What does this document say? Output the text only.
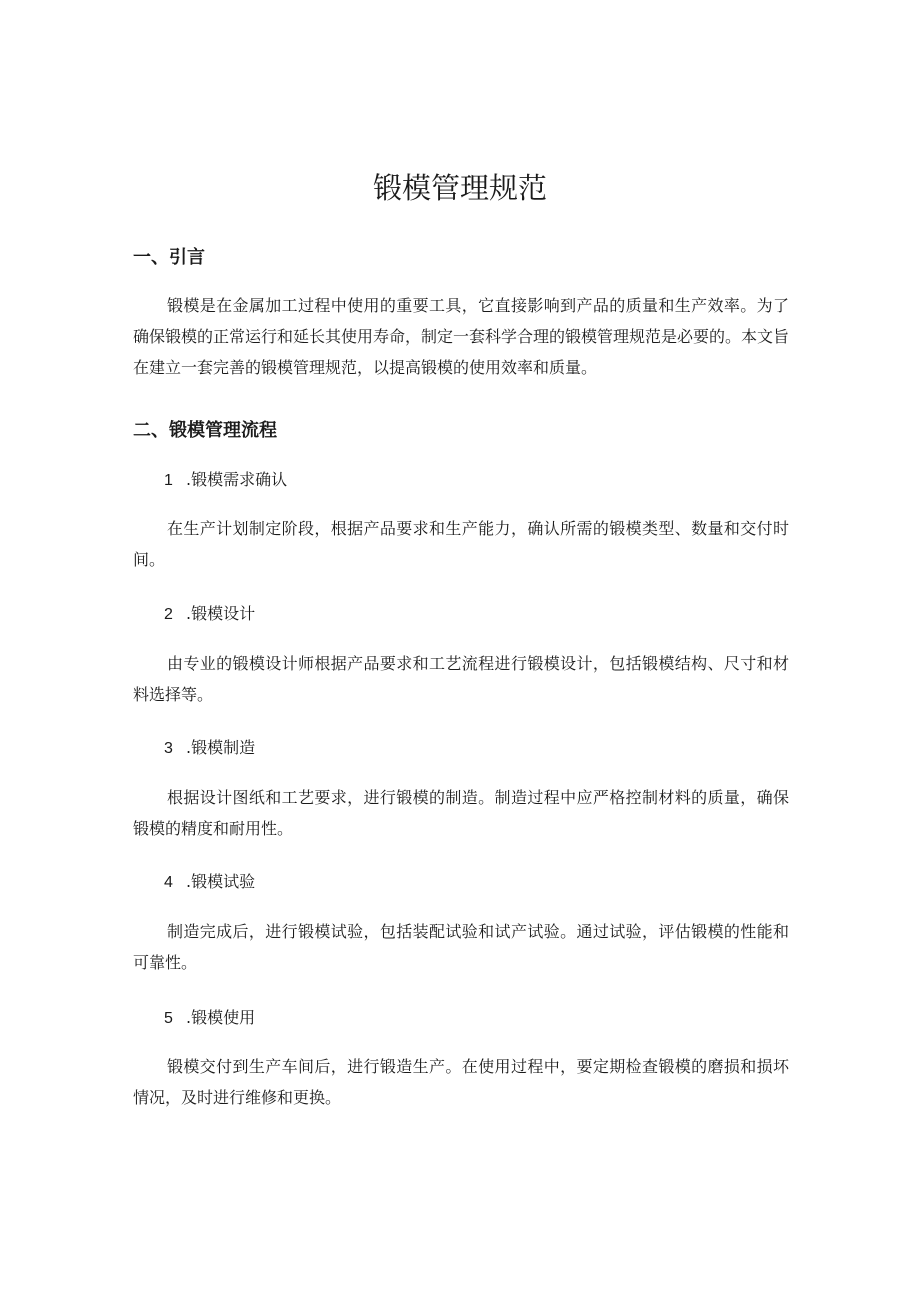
锻模管理规范
一、引言

锻模是在金属加工过程中使用的重要工具，它直接影响到产品的质量和生产效率。为了确保锻模的正常运行和延长其使用寿命，制定一套科学合理的锻模管理规范是必要的。本文旨在建立一套完善的锻模管理规范，以提高锻模的使用效率和质量。

二、锻模管理流程
1 .锻模需求确认

在生产计划制定阶段，根据产品要求和生产能力，确认所需的锻模类型、数量和交付时间。

2 .锻模设计

由专业的锻模设计师根据产品要求和工艺流程进行锻模设计，包括锻模结构、尺寸和材料选择等。

3 .锻模制造

根据设计图纸和工艺要求，进行锻模的制造。制造过程中应严格控制材料的质量，确保锻模的精度和耐用性。

4 .锻模试验

制造完成后，进行锻模试验，包括装配试验和试产试验。通过试验，评估锻模的性能和可靠性。

5 .锻模使用

锻模交付到生产车间后，进行锻造生产。在使用过程中，要定期检查锻模的磨损和损坏情况，及时进行维修和更换。
